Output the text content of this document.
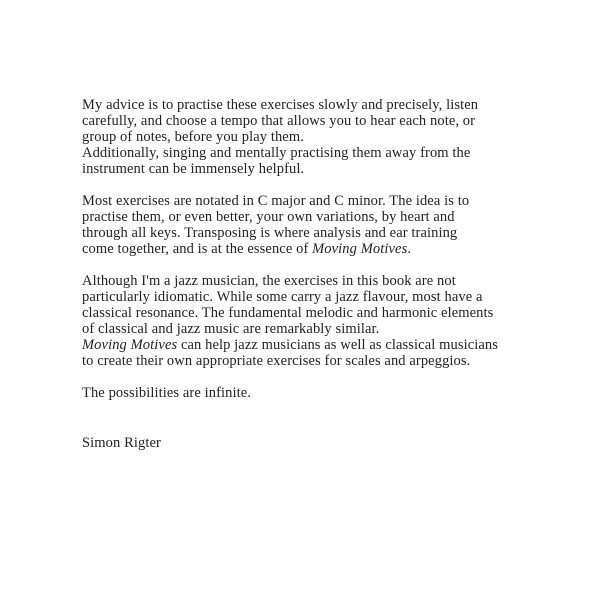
My advice is to practise these exercises slowly and precisely, listen
carefully, and choose a tempo that allows you to hear each note, or
group of notes, before you play them.
Additionally, singing and mentally practising them away from the
instrument can be immensely helpful.

Most exercises are notated in C major and C minor. The idea is to
practise them, or even better, your own variations, by heart and
through all keys. Transposing is where analysis and ear training
come together, and is at the essence of Moving Motives.

Although I'm a jazz musician, the exercises in this book are not
particularly idiomatic. While some carry a jazz flavour, most have a
classical resonance. The fundamental melodic and harmonic elements
of classical and jazz music are remarkably similar.
Moving Motives can help jazz musicians as well as classical musicians
to create their own appropriate exercises for scales and arpeggios.

The possibilities are infinite.

Simon Rigter
